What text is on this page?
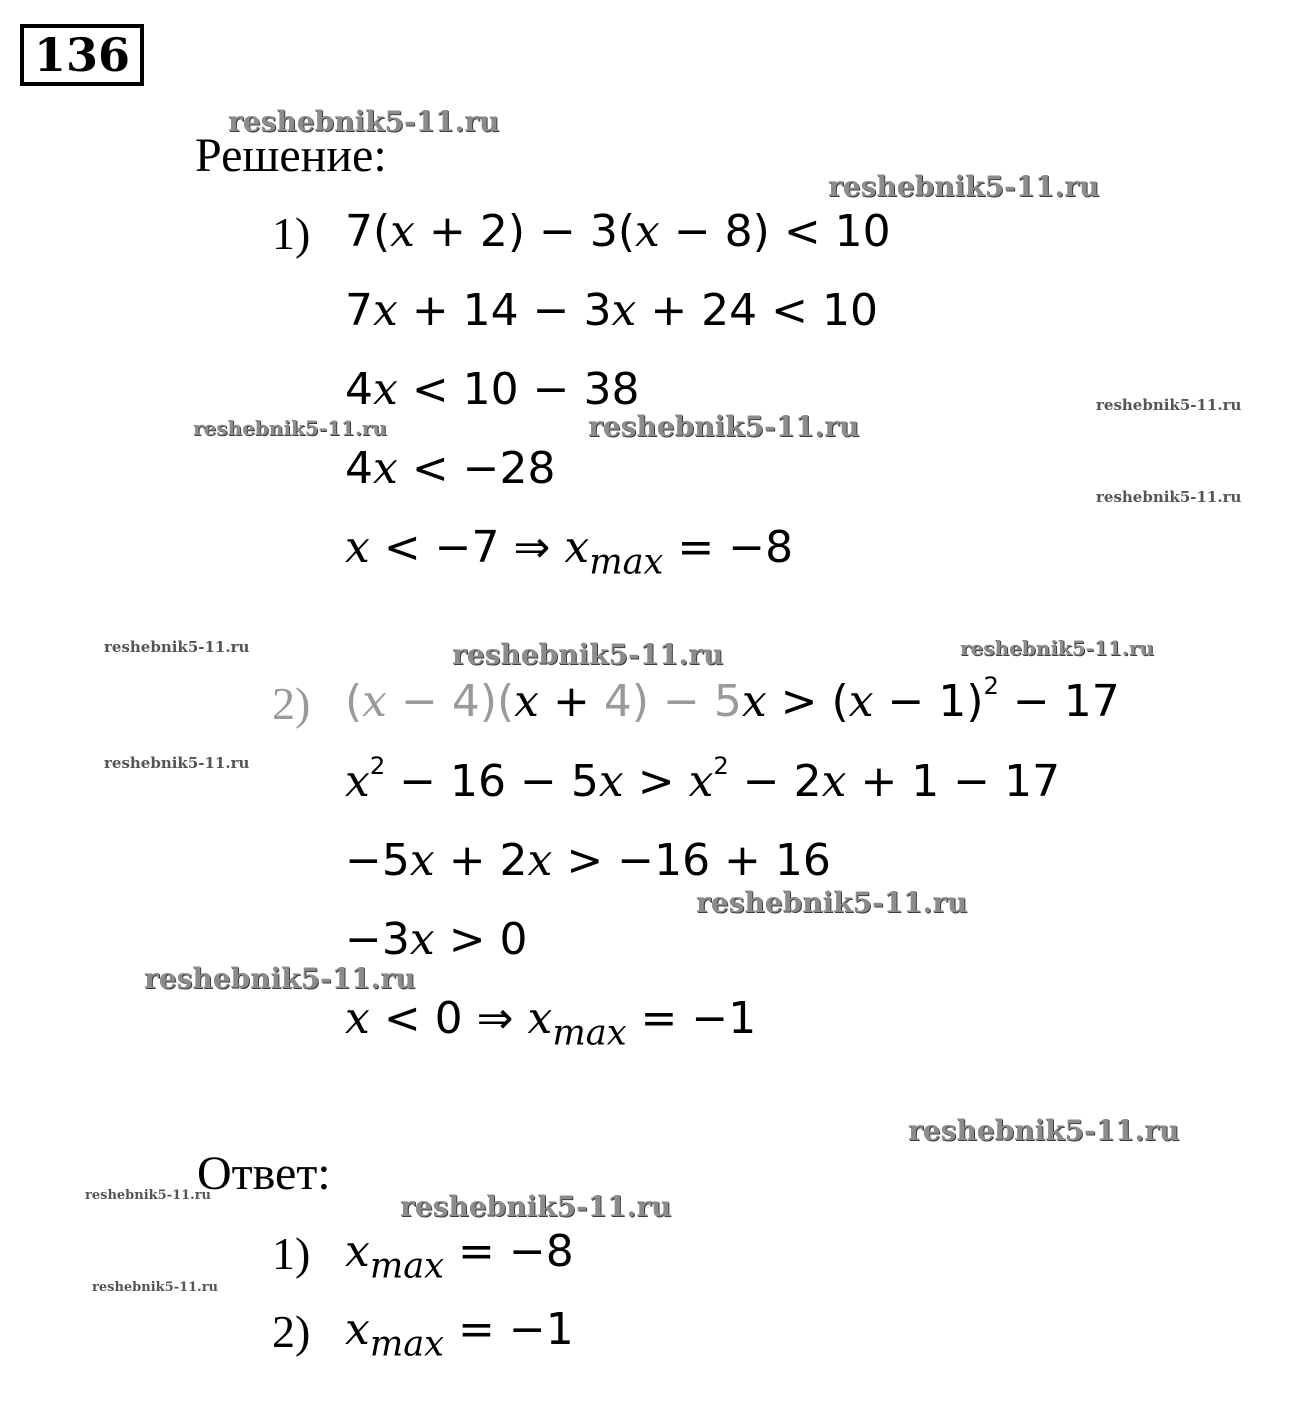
136
Решение:
1) 7(x + 2) − 3(x − 8) < 10
7x + 14 − 3x + 24 < 10
4x < 10 − 38
4x < −28
x < −7 ⇒ $x_{max} = -8$
2) $(x - 4)(x + 4) - 5x > (x - 1)^2 - 17$
$x^2 - 16 - 5x > x^2 - 2x + 1 - 17$
−5x + 2x > −16 + 16
−3x > 0
x < 0 ⇒ $x_{max} = -1$
Ответ:
1) $x_{max} = -8$
2) $x_{max} = -1$
reshebnik5-11.ru
reshebnik5-11.ru
reshebnik5-11.ru
reshebnik5-11.ru	reshebnik5-11.ru
reshebnik5-11.ru
reshebnik5-11.ru	reshebnik5-11.ru	reshebnik5-11.ru
reshebnik5-11.ru
reshebnik5-11.ru
reshebnik5-11.ru
reshebnik5-11.ru
reshebnik5-11.ru	reshebnik5-11.ru
reshebnik5-11.ru
